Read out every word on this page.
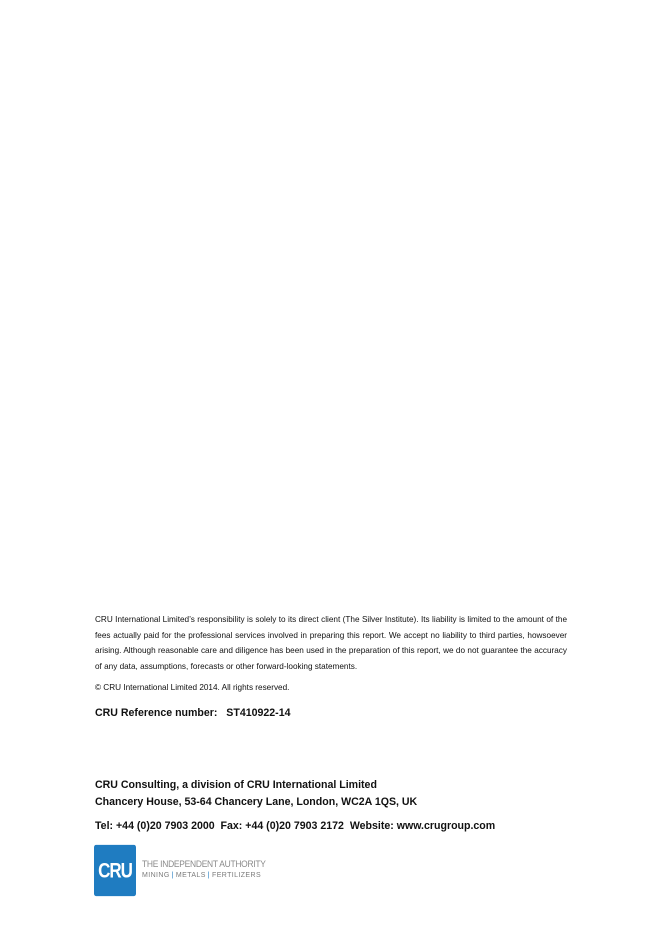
CRU International Limited’s responsibility is solely to its direct client (The Silver Institute). Its liability is limited to the amount of the fees actually paid for the professional services involved in preparing this report. We accept no liability to third parties, howsoever arising. Although reasonable care and diligence has been used in the preparation of this report, we do not guarantee the accuracy of any data, assumptions, forecasts or other forward-looking statements.

© CRU International Limited 2014. All rights reserved.

CRU Reference number: ST410922-14

CRU Consulting, a division of CRU International Limited
Chancery House, 53-64 Chancery Lane, London, WC2A 1QS, UK
Tel: +44 (0)20 7903 2000  Fax: +44 (0)20 7903 2172  Website: www.crugroup.com
CRU THE INDEPENDENT AUTHORITY
MINING | METALS | FERTILIZERS
